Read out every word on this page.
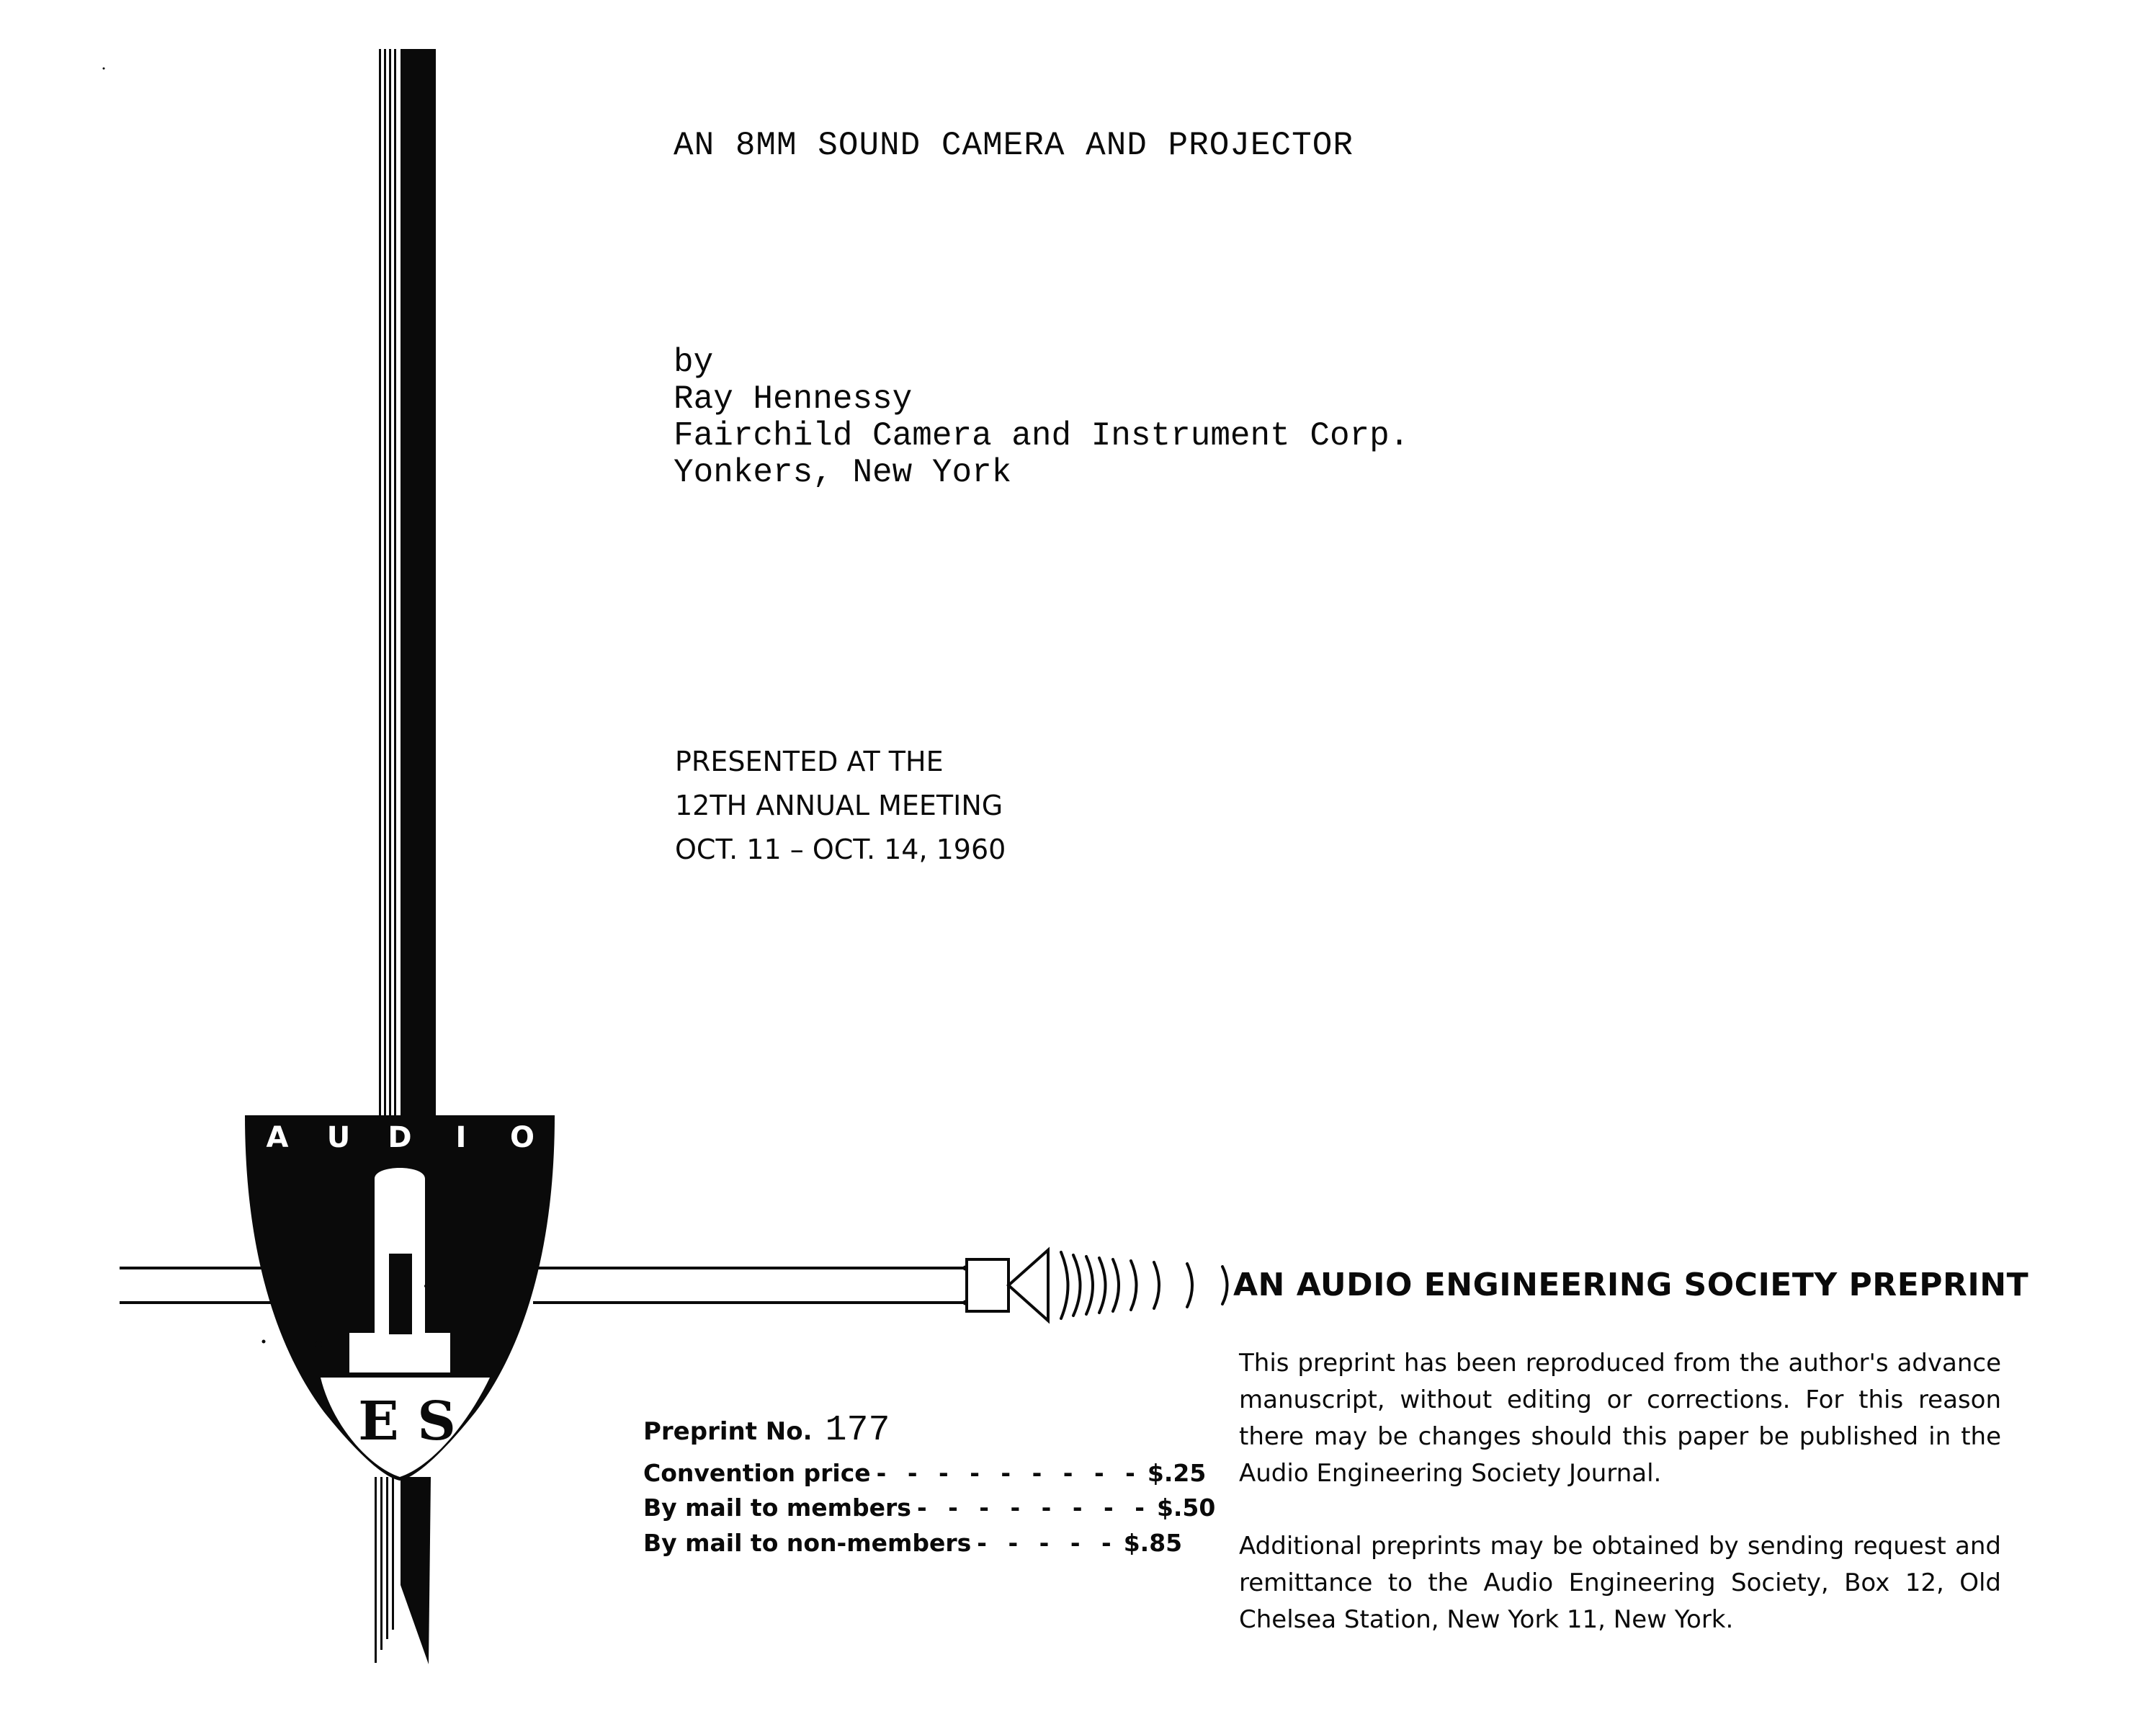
A U D I O
E S
AN 8MM SOUND CAMERA AND PROJECTOR
by
Ray Hennessy
Fairchild Camera and Instrument Corp.
Yonkers, New York
PRESENTED AT THE
12TH ANNUAL MEETING
OCT. 11 – OCT. 14, 1960
AN AUDIO ENGINEERING SOCIETY PREPRINT
This preprint has been reproduced from the author's advance manuscript, without editing or corrections. For this reason there may be changes should this paper be published in the Audio Engineering Society Journal.
Additional preprints may be obtained by sending request and remittance to the Audio Engineering Society, Box 12, Old Chelsea Station, New York 11, New York.
Preprint No. 177
Convention price - - - - - - - - - $.25
By mail to members - - - - - - - - $.50
By mail to non-members - - - - - $.85
